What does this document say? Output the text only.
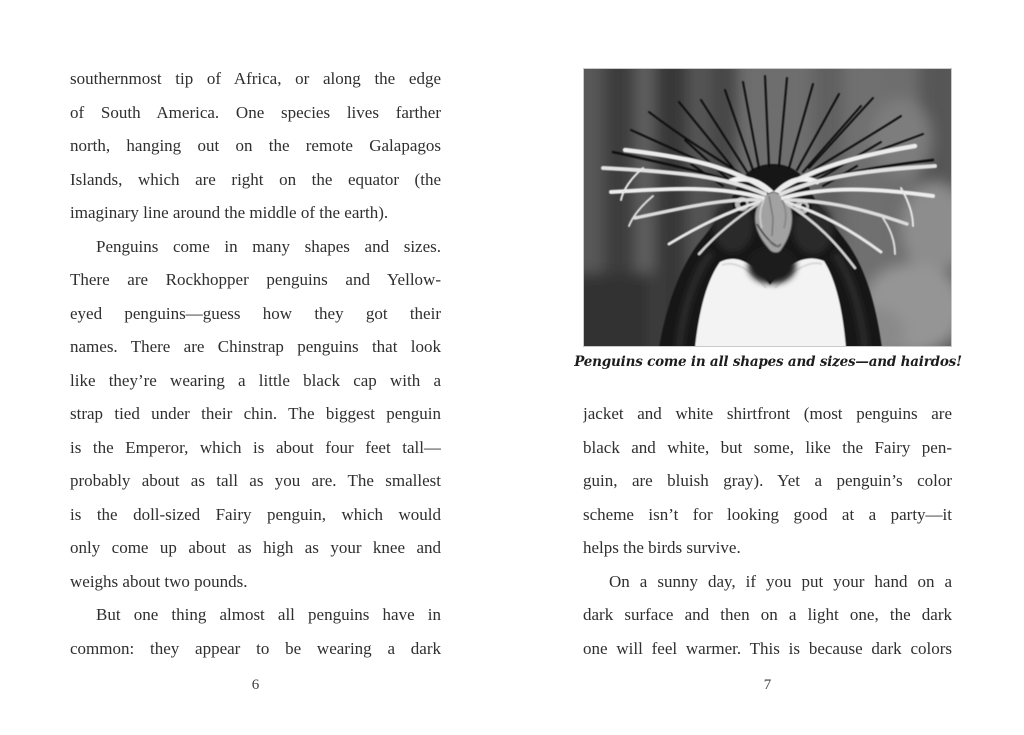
southernmost tip of Africa, or along the edge
of South America. One species lives farther
north, hanging out on the remote Galapagos
Islands, which are right on the equator (the
imaginary line around the middle of the earth).
Penguins come in many shapes and sizes.
There are Rockhopper penguins and Yellow-
eyed penguins—guess how they got their
names. There are Chinstrap penguins that look
like they’re wearing a little black cap with a
strap tied under their chin. The biggest penguin
is the Emperor, which is about four feet tall—
probably about as tall as you are. The smallest
is the doll-sized Fairy penguin, which would
only come up about as high as your knee and
weighs about two pounds.
But one thing almost all penguins have in
common: they appear to be wearing a dark
6
Penguins come in all shapes and sizes—and hairdos!
jacket and white shirtfront (most penguins are
black and white, but some, like the Fairy pen-
guin, are bluish gray). Yet a penguin’s color
scheme isn’t for looking good at a party—it
helps the birds survive.
On a sunny day, if you put your hand on a
dark surface and then on a light one, the dark
one will feel warmer. This is because dark colors
7
